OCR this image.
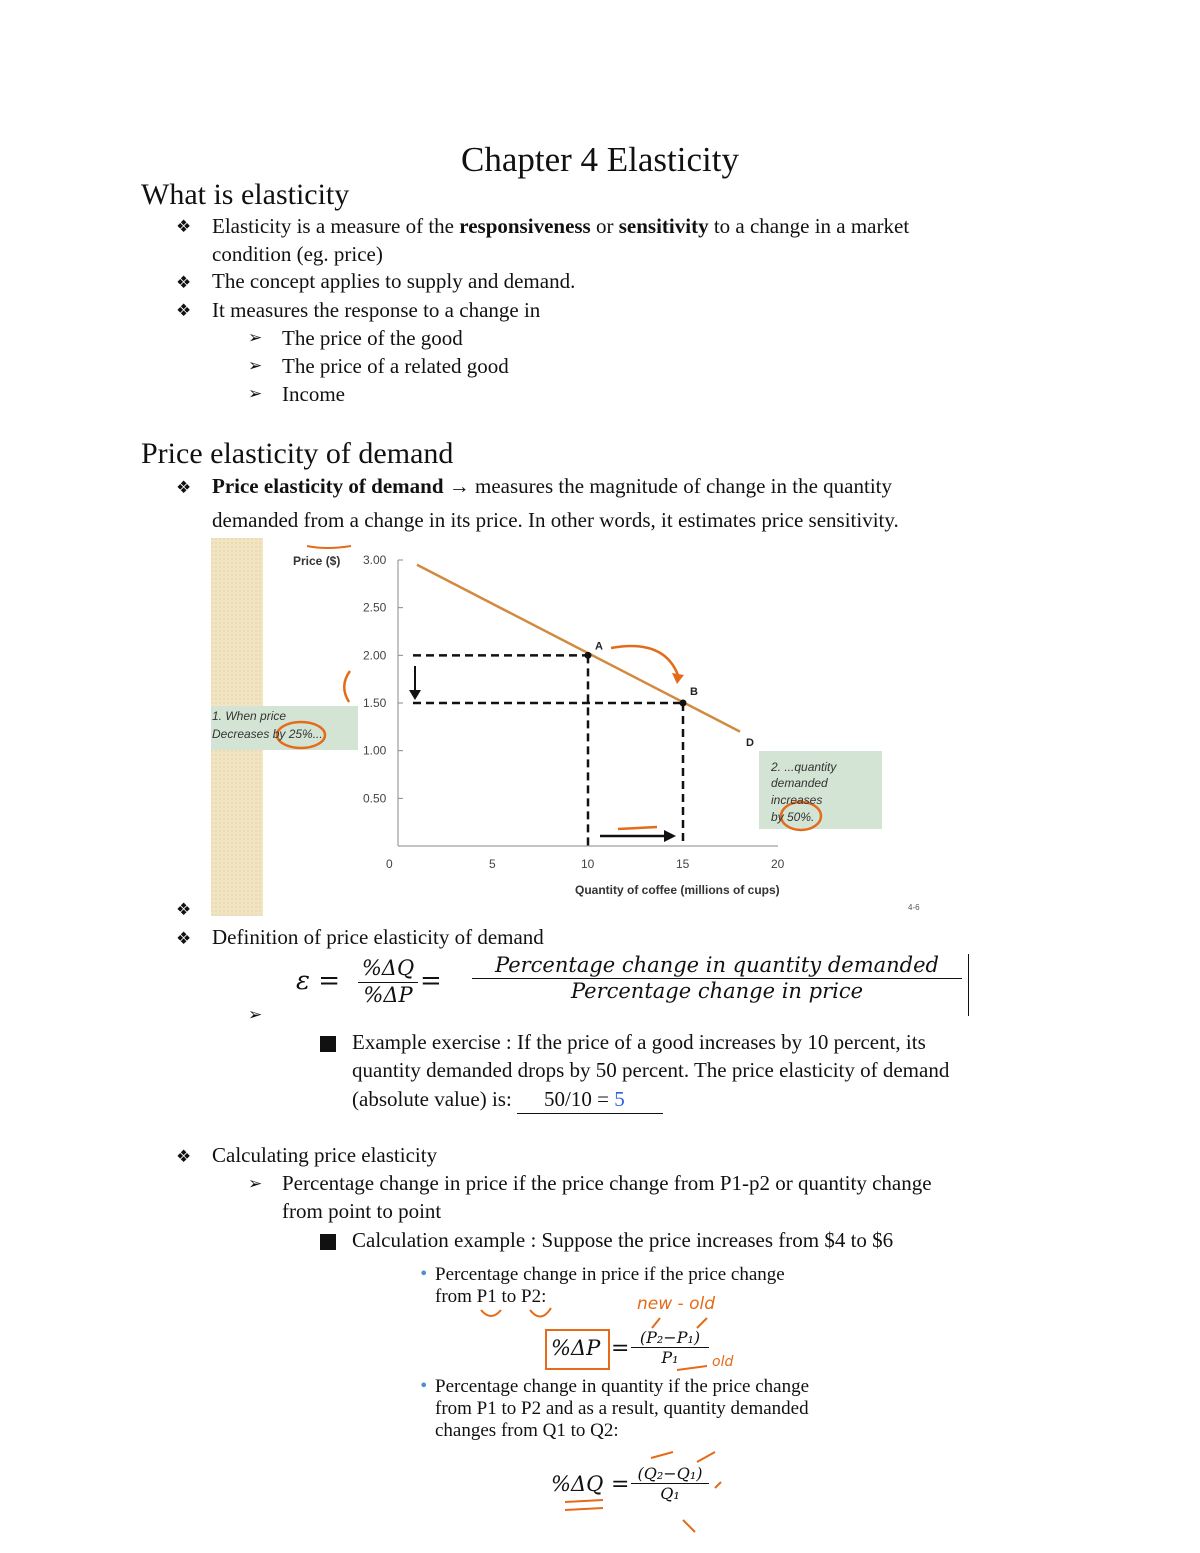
Chapter 4 Elasticity
What is elasticity
❖ Elasticity is a measure of the responsiveness or sensitivity to a change in a market
condition (eg. price)
❖ The concept applies to supply and demand.
❖ It measures the response to a change in
➢ The price of the good
➢ The price of a related good
➢ Income
Price elasticity of demand
❖ Price elasticity of demand → measures the magnitude of change in the quantity
demanded from a change in its price. In other words, it estimates price sensitivity.
3.00
2.50
2.00
1.50
1.00
0.50
0	5	10	15	20
A
B
Price ($)
Quantity of coffee (millions of cups)
D
1. When price
Decreases by 25%...
2. ...quantity
demanded
increases
by 50%.
4-6
❖
❖ Definition of price elasticity of demand
$\varepsilon = \frac{\%\Delta Q}{\%\Delta P}$ =
Percentage change in quantity demanded
Percentage change in price
➢
Example exercise : If the price of a good increases by 10 percent, its
quantity demanded drops by 50 percent. The price elasticity of demand
(absolute value) is: 50/10 = 5
❖ Calculating price elasticity
➢ Percentage change in price if the price change from P1-p2 or quantity change
from point to point
Calculation example : Suppose the price increases from $4 to $6
• Percentage change in price if the price change
from P1 to P2:	new - old
$\%\Delta P = \frac{\text{(P₂−P₁)}}{\text{P₁}}$ old
• Percentage change in quantity if the price change
from P1 to P2 and as a result, quantity demanded
changes from Q1 to Q2:
$\%\Delta Q = \frac{\text{(Q₂−Q₁)}}{\text{Q₁}}$
